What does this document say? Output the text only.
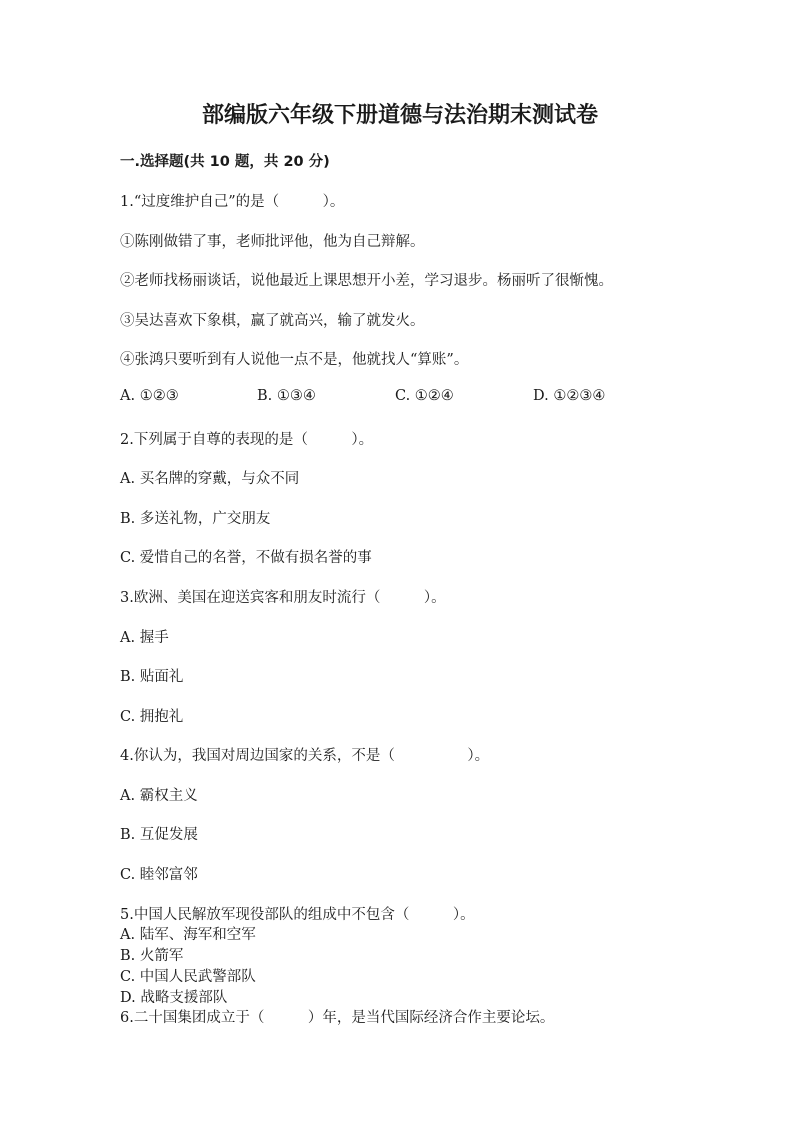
部编版六年级下册道德与法治期末测试卷
一.选择题(共 10 题，共 20 分)
1.“过度维护自己”的是（　　　）。
①陈刚做错了事，老师批评他，他为自己辩解。
②老师找杨丽谈话，说他最近上课思想开小差，学习退步。杨丽听了很惭愧。
③吴达喜欢下象棋，赢了就高兴，输了就发火。
④张鸿只要听到有人说他一点不是，他就找人“算账”。
A. ①②③	B. ①③④	C. ①②④	D. ①②③④
2.下列属于自尊的表现的是（　　　）。
A. 买名牌的穿戴，与众不同
B. 多送礼物，广交朋友
C. 爱惜自己的名誉，不做有损名誉的事
3.欧洲、美国在迎送宾客和朋友时流行（　　　）。
A. 握手
B. 贴面礼
C. 拥抱礼
4.你认为，我国对周边国家的关系，不是（　　　　　）。
A. 霸权主义
B. 互促发展
C. 睦邻富邻
5.中国人民解放军现役部队的组成中不包含（　　　）。
A. 陆军、海军和空军
B. 火箭军
C. 中国人民武警部队
D. 战略支援部队
6.二十国集团成立于（　　　）年，是当代国际经济合作主要论坛。
